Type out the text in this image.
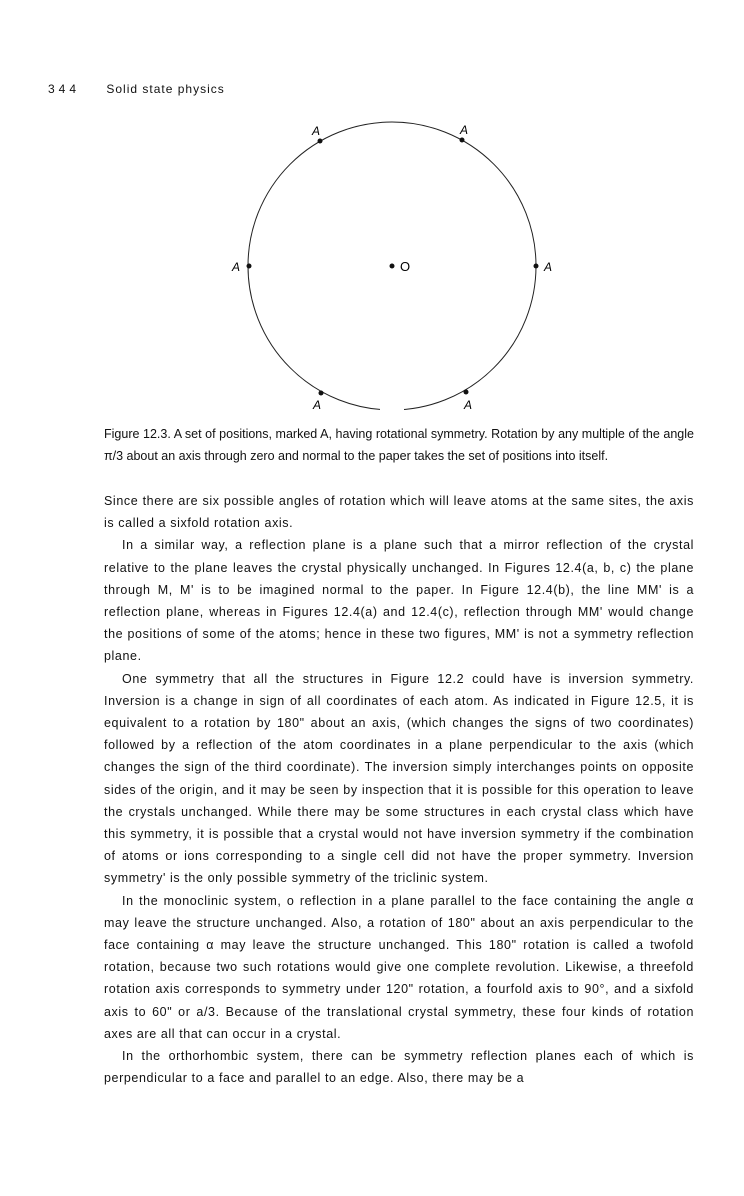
344 Solid state physics
O
A	A
A	A
A	A
Figure 12.3. A set of positions, marked A, having rotational symmetry. Rotation by any multiple of the angle π/3 about an axis through zero and normal to the paper takes the set of positions into itself.

Since there are six possible angles of rotation which will leave atoms at the same sites, the axis is called a sixfold rotation axis.

In a similar way, a reflection plane is a plane such that a mirror reflection of the crystal relative to the plane leaves the crystal physically unchanged. In Figures 12.4(a, b, c) the plane through M, M' is to be imagined normal to the paper. In Figure 12.4(b), the line MM' is a reflection plane, whereas in Figures 12.4(a) and 12.4(c), reflection through MM' would change the positions of some of the atoms; hence in these two figures, MM' is not a symmetry reflection plane.

One symmetry that all the structures in Figure 12.2 could have is inversion symmetry. Inversion is a change in sign of all coordinates of each atom. As indicated in Figure 12.5, it is equivalent to a rotation by 180" about an axis, (which changes the signs of two coordinates) followed by a reflection of the atom coordinates in a plane perpendicular to the axis (which changes the sign of the third coordinate). The inversion simply interchanges points on opposite sides of the origin, and it may be seen by inspection that it is possible for this operation to leave the crystals unchanged. While there may be some structures in each crystal class which have this symmetry, it is possible that a crystal would not have inversion symmetry if the combination of atoms or ions corresponding to a single cell did not have the proper symmetry. Inversion symmetry' is the only possible symmetry of the triclinic system.

In the monoclinic system, o reflection in a plane parallel to the face containing the angle α may leave the structure unchanged. Also, a rotation of 180" about an axis perpendicular to the face containing α may leave the structure unchanged. This 180" rotation is called a twofold rotation, because two such rotations would give one complete revolution. Likewise, a threefold rotation axis corresponds to symmetry under 120" rotation, a fourfold axis to 90°, and a sixfold axis to 60" or a/3. Because of the translational crystal symmetry, these four kinds of rotation axes are all that can occur in a crystal.

In the orthorhombic system, there can be symmetry reflection planes each of which is perpendicular to a face and parallel to an edge. Also, there may be a
